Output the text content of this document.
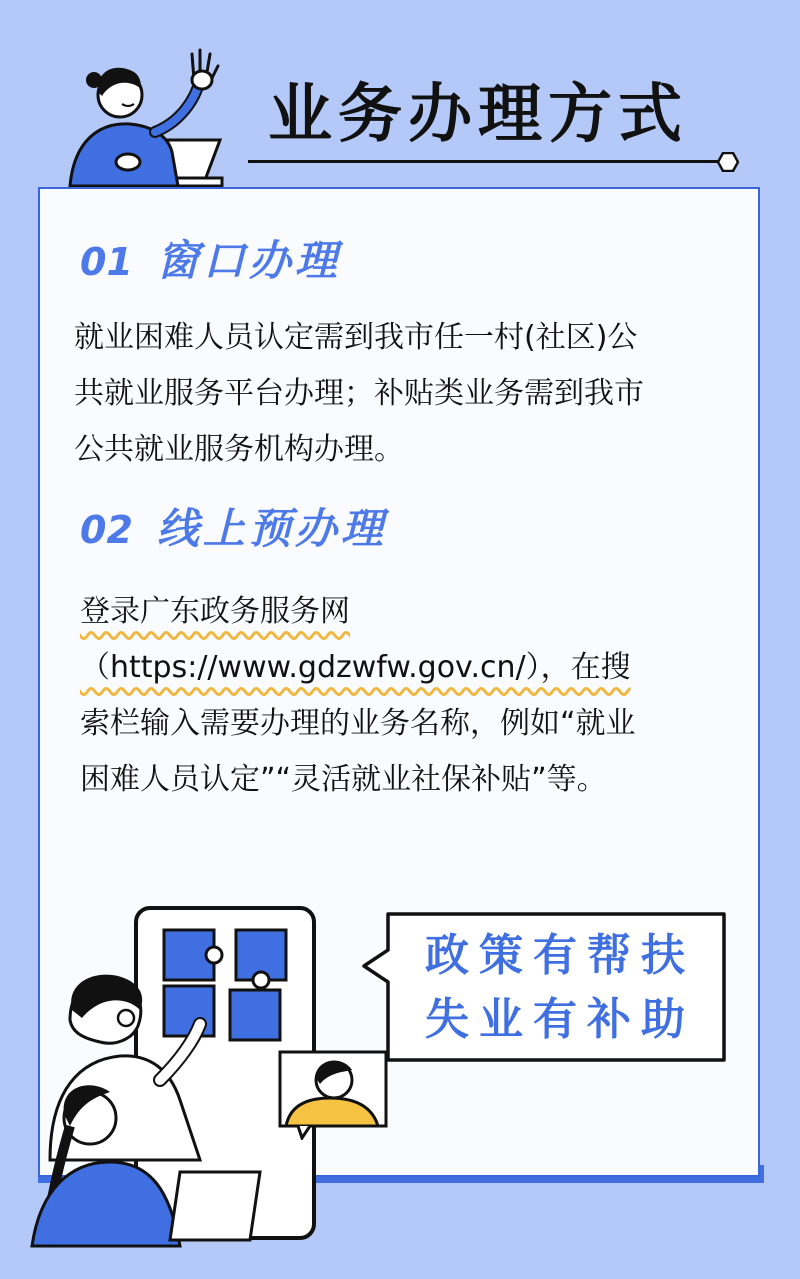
业务办理方式
01 窗口办理
就业困难人员认定需到我市任一村(社区)公
共就业服务平台办理；补贴类业务需到我市
公共就业服务机构办理。
02 线上预办理
登录广东政务服务网
（https://www.gdzwfw.gov.cn/），在搜
索栏输入需要办理的业务名称，例如“就业
困难人员认定”“灵活就业社保补贴”等。
政策有帮扶
失业有补助
